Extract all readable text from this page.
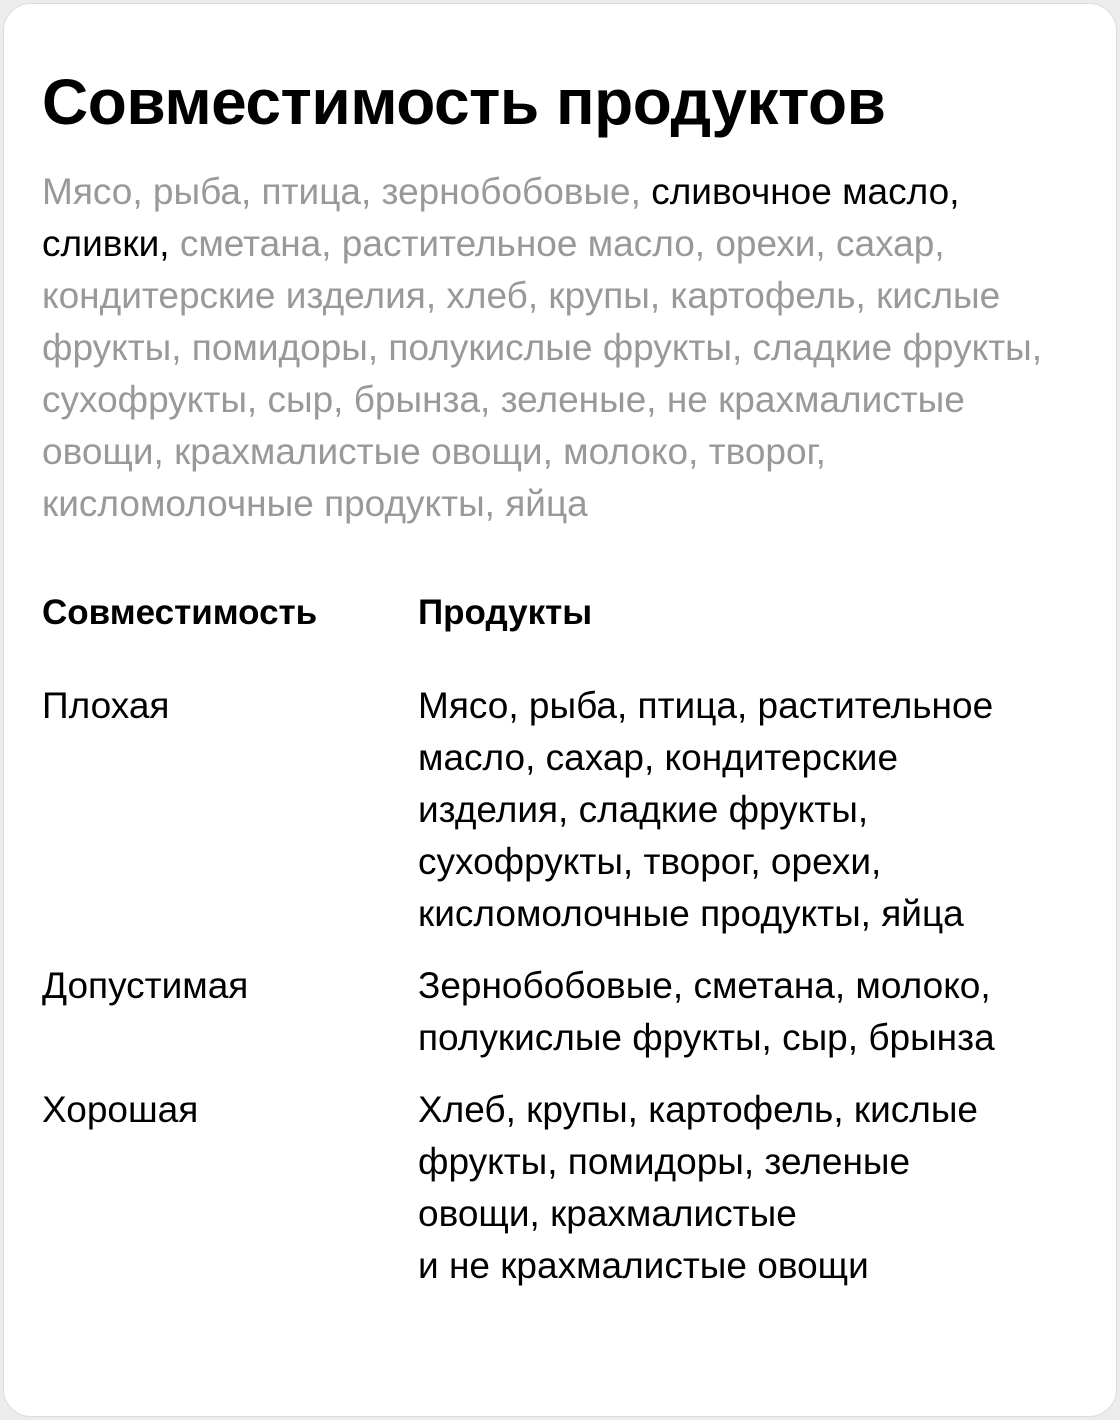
Совместимость продуктов

Мясо, рыба, птица, зернобобовые, сливочное масло, сливки, сметана, растительное масло, орехи, сахар, кондитерские изделия, хлеб, крупы, картофель, кислые фрукты, помидоры, полукислые фрукты, сладкие фрукты, сухофрукты, сыр, брынза, зеленые, не крахмалистые овощи, крахмалистые овощи, молоко, творог, кисломолочные продукты, яйца

Совместимость	Продукты

Плохая	Мясо, рыба, птица, растительное
масло, сахар, кондитерские
изделия, сладкие фрукты,
сухофрукты, творог, орехи,
кисломолочные продукты, яйца

Допустимая	Зернобобовые, сметана, молоко,
полукислые фрукты, сыр, брынза

Хорошая	Хлеб, крупы, картофель, кислые
фрукты, помидоры, зеленые
овощи, крахмалистые
и не крахмалистые овощи
